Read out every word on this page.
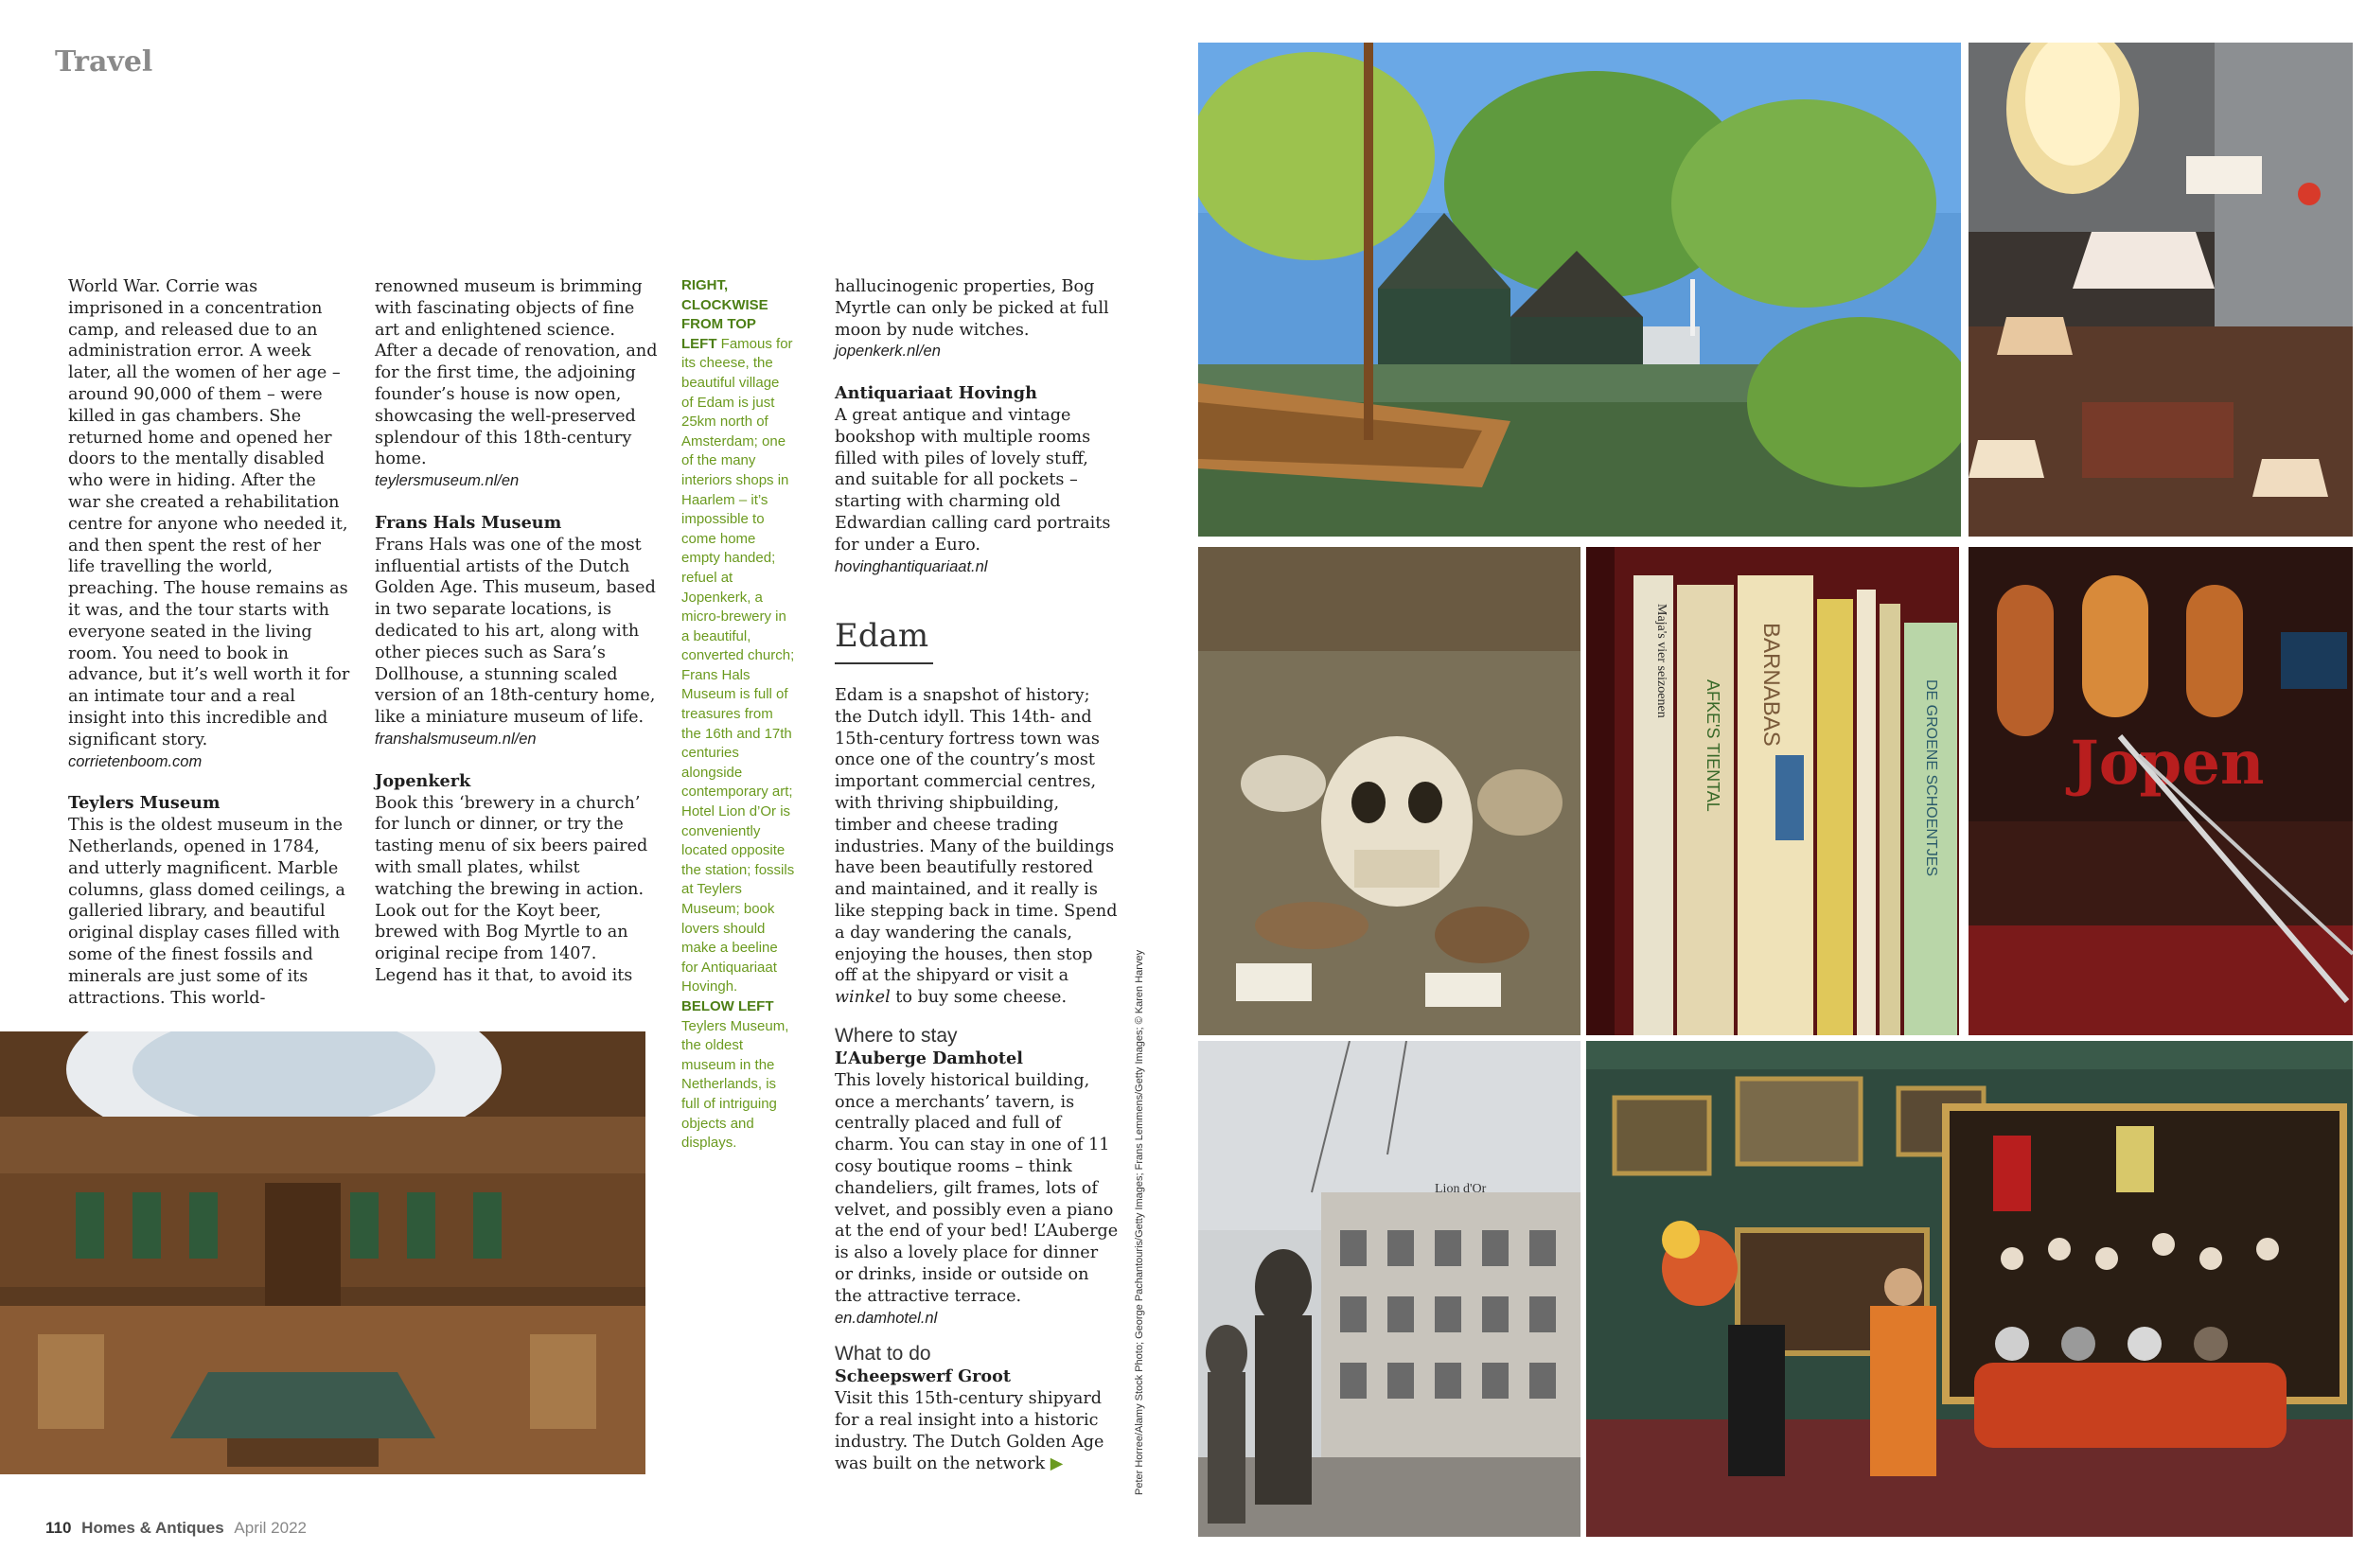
Travel

World War. Corrie was imprisoned in a concentration camp, and released due to an administration error. A week later, all the women of her age – around 90,000 of them – were killed in gas chambers. She returned home and opened her doors to the mentally disabled who were in hiding. After the war she created a rehabilitation centre for anyone who needed it, and then spent the rest of her life travelling the world, preaching. The house remains as it was, and the tour starts with everyone seated in the living room. You need to book in advance, but it’s well worth it for an intimate tour and a real insight into this incredible and significant story.

corrietenboom.com

Teylers Museum

This is the oldest museum in the Netherlands, opened in 1784, and utterly magnificent. Marble columns, glass domed ceilings, a galleried library, and beautiful original display cases filled with some of the finest fossils and minerals are just some of its attractions. This world-

renowned museum is brimming with fascinating objects of fine art and enlightened science. After a decade of renovation, and for the first time, the adjoining founder’s house is now open, showcasing the well-preserved splendour of this 18th-century home.

teylersmuseum.nl/en

Frans Hals Museum

Frans Hals was one of the most influential artists of the Dutch Golden Age. This museum, based in two separate locations, is dedicated to his art, along with other pieces such as Sara’s Dollhouse, a stunning scaled version of an 18th-century home, like a miniature museum of life.

franshalsmuseum.nl/en

Jopenkerk

Book this ‘brewery in a church’ for lunch or dinner, or try the tasting menu of six beers paired with small plates, whilst watching the brewing in action. Look out for the Koyt beer, brewed with Bog Myrtle to an original recipe from 1407. Legend has it that, to avoid its

RIGHT, CLOCKWISE FROM TOP LEFT Famous for its cheese, the beautiful village of Edam is just 25km north of Amsterdam; one of the many interiors shops in Haarlem – it’s impossible to come home empty handed; refuel at Jopenkerk, a micro-brewery in a beautiful, converted church; Frans Hals Museum is full of treasures from the 16th and 17th centuries alongside contemporary art; Hotel Lion d’Or is conveniently located opposite the station; fossils at Teylers Museum; book lovers should make a beeline for Antiquariaat Hovingh.
BELOW LEFT Teylers Museum, the oldest museum in the Netherlands, is full of intriguing objects and displays.

hallucinogenic properties, Bog Myrtle can only be picked at full moon by nude witches.

jopenkerk.nl/en

Antiquariaat Hovingh

A great antique and vintage bookshop with multiple rooms filled with piles of lovely stuff, and suitable for all pockets – starting with charming old Edwardian calling card portraits for under a Euro.

hovinghantiquariaat.nl

Edam

Edam is a snapshot of history; the Dutch idyll. This 14th- and 15th-century fortress town was once one of the country’s most important commercial centres, with thriving shipbuilding, timber and cheese trading industries. Many of the buildings have been beautifully restored and maintained, and it really is like stepping back in time. Spend a day wandering the canals, enjoying the houses, then stop off at the shipyard or visit a winkel to buy some cheese.

Where to stay
L’Auberge Damhotel

This lovely historical building, once a merchants’ tavern, is centrally placed and full of charm. You can stay in one of 11 cosy boutique rooms – think chandeliers, gilt frames, lots of velvet, and possibly even a piano at the end of your bed! L’Auberge is also a lovely place for dinner or drinks, inside or outside on the attractive terrace.

en.damhotel.nl

What to do
Scheepswerf Groot

Visit this 15th-century shipyard for a real insight into a historic industry. The Dutch Golden Age was built on the network ▶	Peter Horree/Alamy Stock Photo; George Pachantouris/Getty Images; Frans Lemmens/Getty Images; © Karen Harvey
110 Homes & Antiques April 2022
Maja's vier seizoenen
AFKE'S TIENTAL BARNABAS	DE GROENE SCHOENTJES Jopen
Lion d'Or
